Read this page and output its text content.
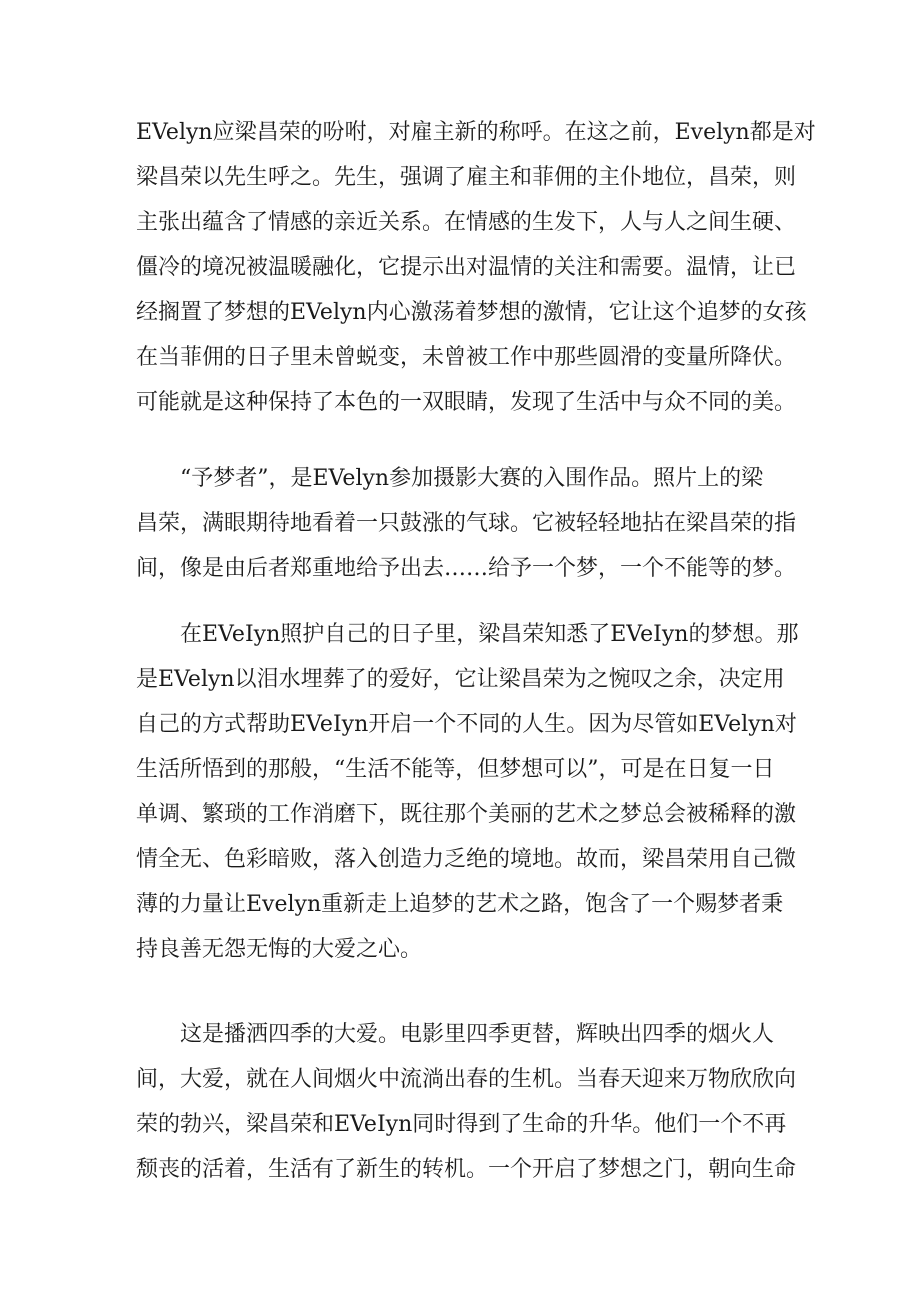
EVelyn应梁昌荣的吩咐，对雇主新的称呼。在这之前，Evelyn都是对
梁昌荣以先生呼之。先生，强调了雇主和菲佣的主仆地位，昌荣，则
主张出蕴含了情感的亲近关系。在情感的生发下，人与人之间生硬、
僵冷的境况被温暖融化，它提示出对温情的关注和需要。温情，让已
经搁置了梦想的EVelyn内心激荡着梦想的激情，它让这个追梦的女孩
在当菲佣的日子里未曾蜕变，未曾被工作中那些圆滑的变量所降伏。
可能就是这种保持了本色的一双眼睛，发现了生活中与众不同的美。
“予梦者”，是EVelyn参加摄影大赛的入围作品。照片上的梁
昌荣，满眼期待地看着一只鼓涨的气球。它被轻轻地拈在梁昌荣的指
间，像是由后者郑重地给予出去……给予一个梦，一个不能等的梦。
在EVeIyn照护自己的日子里，梁昌荣知悉了EVeIyn的梦想。那
是EVelyn以泪水埋葬了的爱好，它让梁昌荣为之惋叹之余，决定用
自己的方式帮助EVeIyn开启一个不同的人生。因为尽管如EVelyn对
生活所悟到的那般，“生活不能等，但梦想可以”，可是在日复一日
单调、繁琐的工作消磨下，既往那个美丽的艺术之梦总会被稀释的激
情全无、色彩暗败，落入创造力乏绝的境地。故而，梁昌荣用自己微
薄的力量让Evelyn重新走上追梦的艺术之路，饱含了一个赐梦者秉
持良善无怨无悔的大爱之心。
这是播洒四季的大爱。电影里四季更替，辉映出四季的烟火人
间，大爱，就在人间烟火中流淌出春的生机。当春天迎来万物欣欣向
荣的勃兴，梁昌荣和EVeIyn同时得到了生命的升华。他们一个不再
颓丧的活着，生活有了新生的转机。一个开启了梦想之门，朝向生命
